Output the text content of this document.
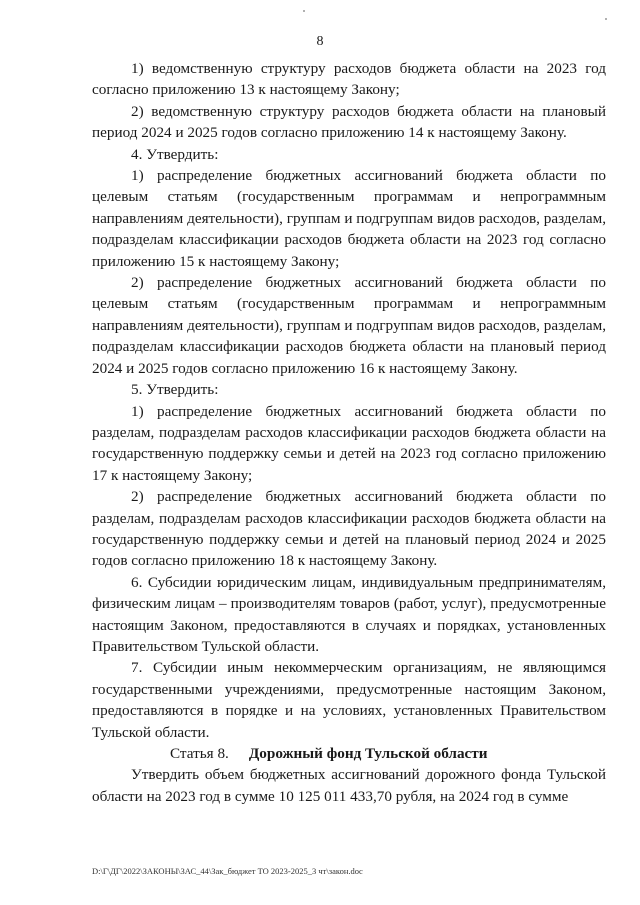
8

1) ведомственную структуру расходов бюджета области на 2023 год согласно приложению 13 к настоящему Закону;

2) ведомственную структуру расходов бюджета области на плановый период 2024 и 2025 годов согласно приложению 14 к настоящему Закону.

4. Утвердить:

1) распределение бюджетных ассигнований бюджета области по целевым статьям (государственным программам и непрограммным направлениям деятельности), группам и подгруппам видов расходов, разделам, подразделам классификации расходов бюджета области на 2023 год согласно приложению 15 к настоящему Закону;

2) распределение бюджетных ассигнований бюджета области по целевым статьям (государственным программам и непрограммным направлениям деятельности), группам и подгруппам видов расходов, разделам, подразделам классификации расходов бюджета области на плановый период 2024 и 2025 годов согласно приложению 16 к настоящему Закону.

5. Утвердить:

1) распределение бюджетных ассигнований бюджета области по разделам, подразделам расходов классификации расходов бюджета области на государственную поддержку семьи и детей на 2023 год согласно приложению 17 к настоящему Закону;

2) распределение бюджетных ассигнований бюджета области по разделам, подразделам расходов классификации расходов бюджета области на государственную поддержку семьи и детей на плановый период 2024 и 2025 годов согласно приложению 18 к настоящему Закону.

6. Субсидии юридическим лицам, индивидуальным предпринимателям, физическим лицам – производителям товаров (работ, услуг), предусмотренные настоящим Законом, предоставляются в случаях и порядках, установленных Правительством Тульской области.

7. Субсидии иным некоммерческим организациям, не являющимся государственными учреждениями, предусмотренные настоящим Законом, предоставляются в порядке и на условиях, установленных Правительством Тульской области.

Статья 8. Дорожный фонд Тульской области

Утвердить объем бюджетных ассигнований дорожного фонда Тульской области на 2023 год в сумме 10 125 011 433,70 рубля, на 2024 год в сумме

D:\Г\ДГ\2022\ЗАКОНЫ\ЗАС_44\Зак_бюджет ТО 2023-2025_3 чт\закон.doc
